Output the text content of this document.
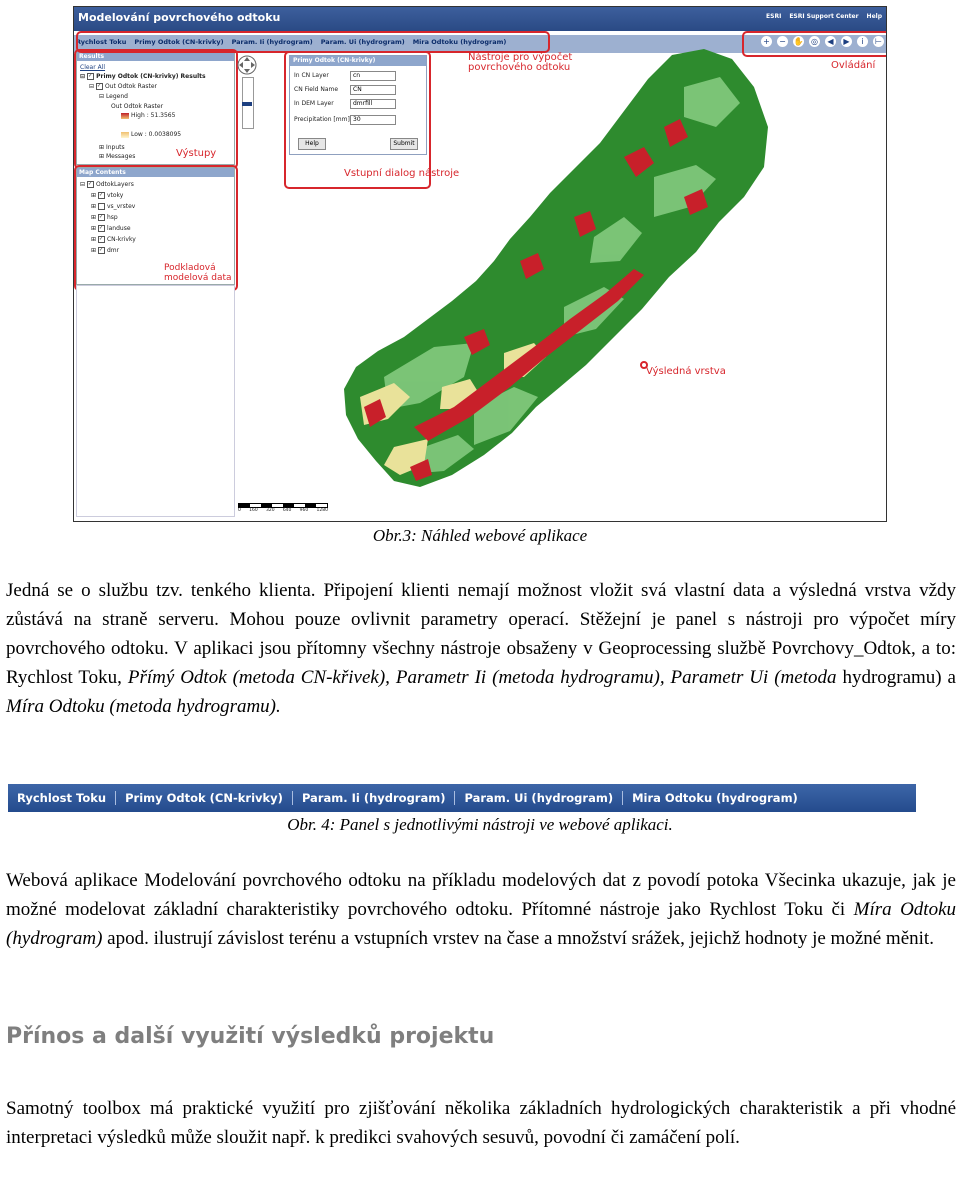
Modelování povrchového odtoku	ESRI ESRI Support Center Help
Rychlost Toku Primy Odtok (CN-krivky) Param. Ii (hydrogram) Param. Ui (hydrogram) Mira Odtoku (hydrogram)	+ − ✋ ◎	◀	▶	i	⊢
Results
Clear All
⊟ ✓ Primy Odtok (CN-krivky) Results
⊟ ✓ Out Odtok Raster
⊟ Legend
Out Odtok Raster
High : 51.3565
Low : 0.0038095
⊞ Inputs
⊞ Messages	Výstupy
Map Contents
⊟ ✓ OdtokLayers
⊞ ✓ vtoky
⊞ vs_vrstev
⊞ ✓ hsp
⊞ ✓ landuse
⊞ ✓ CN-krivky
⊞ ✓ dmr
Podkladová
modelová data
Primy Odtok (CN-krivky)
In CN Layer	cn
CN Field Name	CN
In DEM Layer	dmrfill
Precipitation [mm] 30
Help	Submit
Vstupní dialog nástroje
Nástroje pro výpočet
povrchového odtoku	Ovládání
Výsledná vrstva
0 160 320 640 960 1280
Obr.3: Náhled webové aplikace
Jedná se o službu tzv. tenkého klienta. Připojení klienti nemají možnost vložit svá vlastní data a výsledná vrstva vždy zůstává na straně serveru. Mohou pouze ovlivnit parametry operací. Stěžejní je panel s nástroji pro výpočet míry povrchového odtoku. V aplikaci jsou přítomny všechny nástroje obsaženy v Geoprocessing službě Povrchovy_Odtok, a to: Rychlost Toku, Přímý Odtok (metoda CN-křivek), Parametr Ii (metoda hydrogramu), Parametr Ui (metoda hydrogramu) a Míra Odtoku (metoda hydrogramu).
Rychlost Toku	Primy Odtok (CN-krivky)	Param. Ii (hydrogram)	Param. Ui (hydrogram)	Mira Odtoku (hydrogram)
Obr. 4: Panel s jednotlivými nástroji ve webové aplikaci.
Webová aplikace Modelování povrchového odtoku na příkladu modelových dat z povodí potoka Všecinka ukazuje, jak je možné modelovat základní charakteristiky povrchového odtoku. Přítomné nástroje jako Rychlost Toku či Míra Odtoku (hydrogram) apod. ilustrují závislost terénu a vstupních vrstev na čase a množství srážek, jejichž hodnoty je možné měnit.
Přínos a další využití výsledků projektu
Samotný toolbox má praktické využití pro zjišťování několika základních hydrologických charakteristik a při vhodné interpretaci výsledků může sloužit např. k predikci svahových sesuvů, povodní či zamáčení polí.
